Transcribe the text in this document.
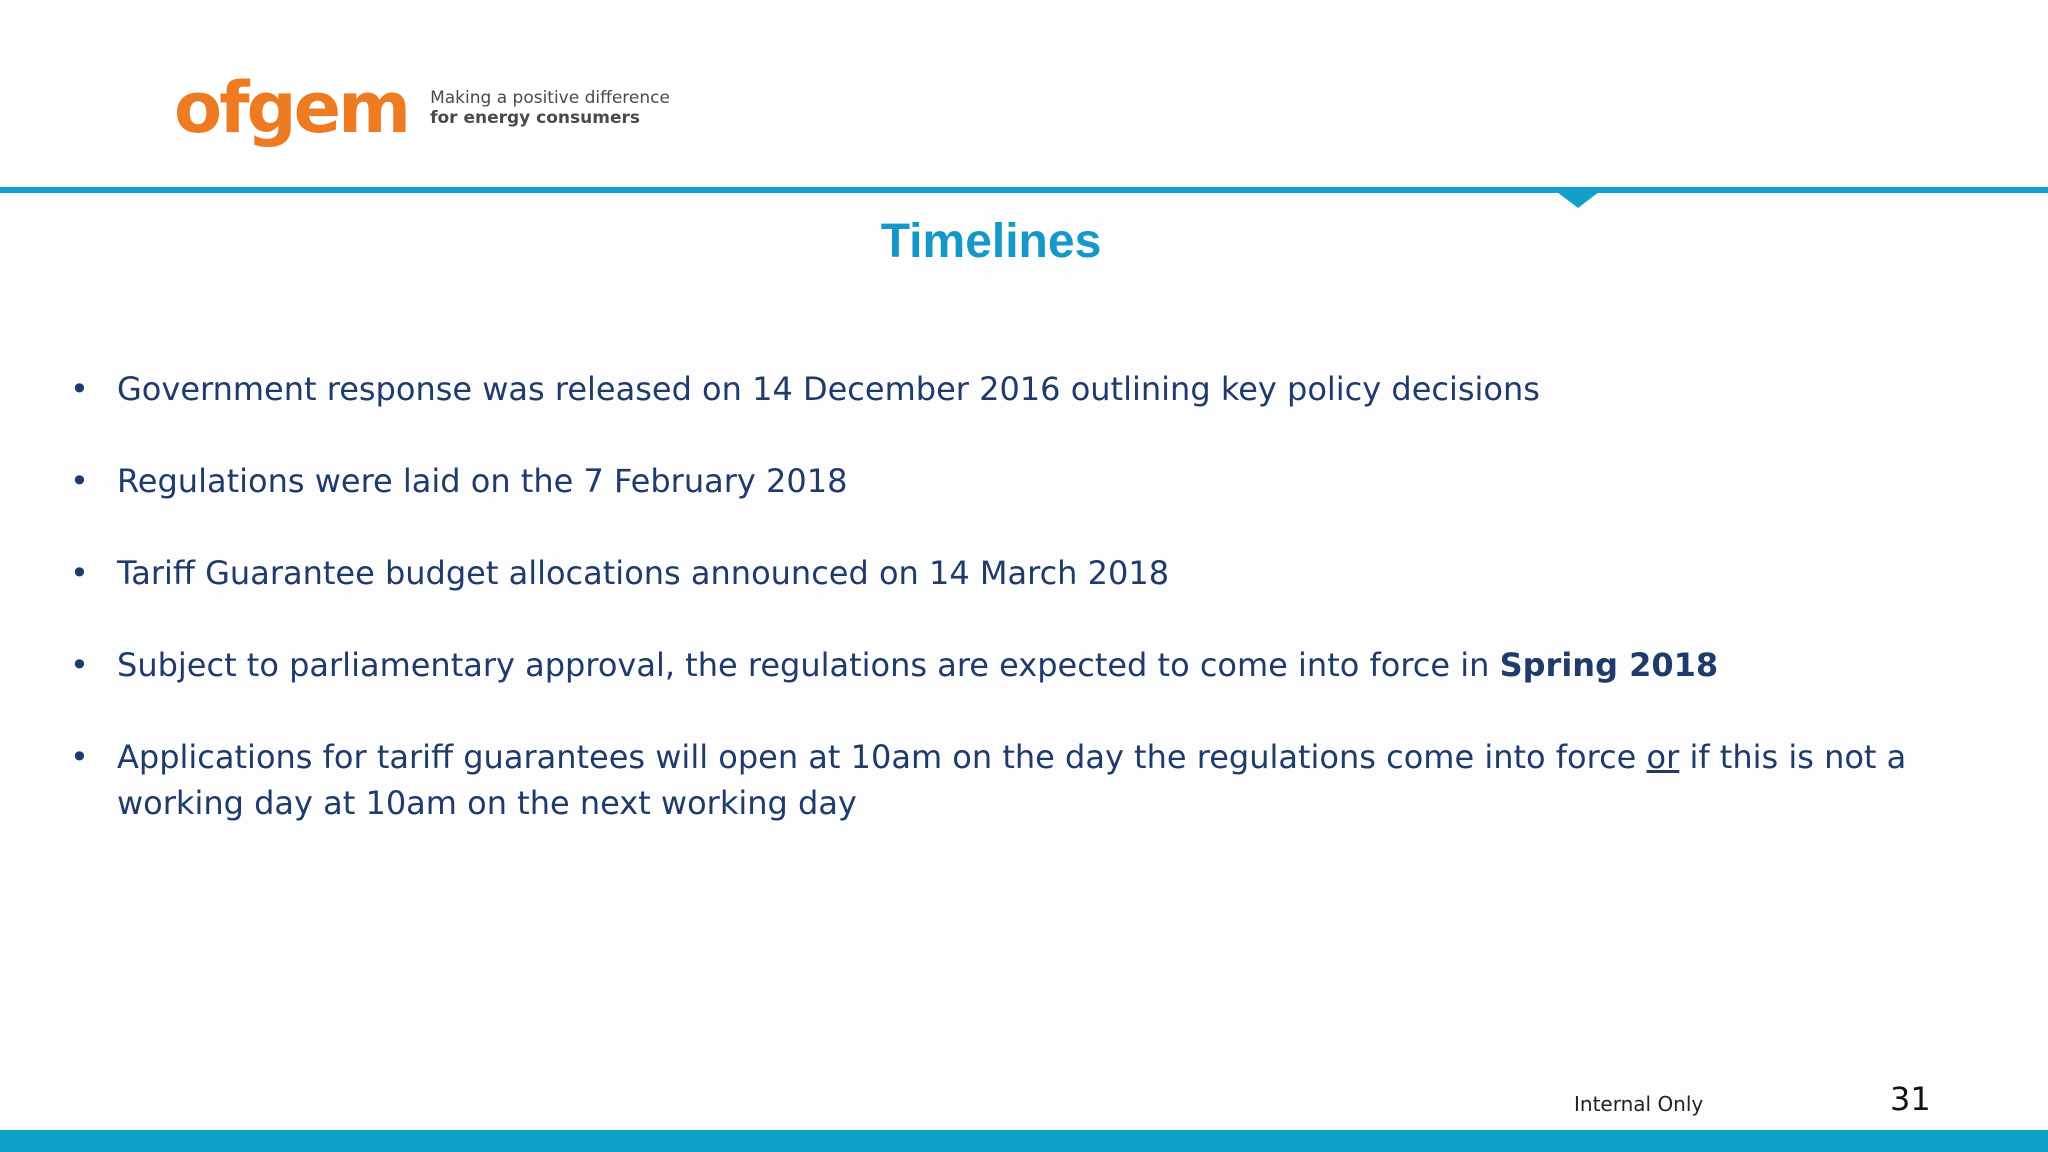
ofgem Making a positive difference
for energy consumers
Timelines
• Government response was released on 14 December 2016 outlining key policy decisions
• Regulations were laid on the 7 February 2018
• Tariff Guarantee budget allocations announced on 14 March 2018
• Subject to parliamentary approval, the regulations are expected to come into force in Spring 2018
• Applications for tariff guarantees will open at 10am on the day the regulations come into force or if this is not a working day at 10am on the next working day
Internal Only	31
